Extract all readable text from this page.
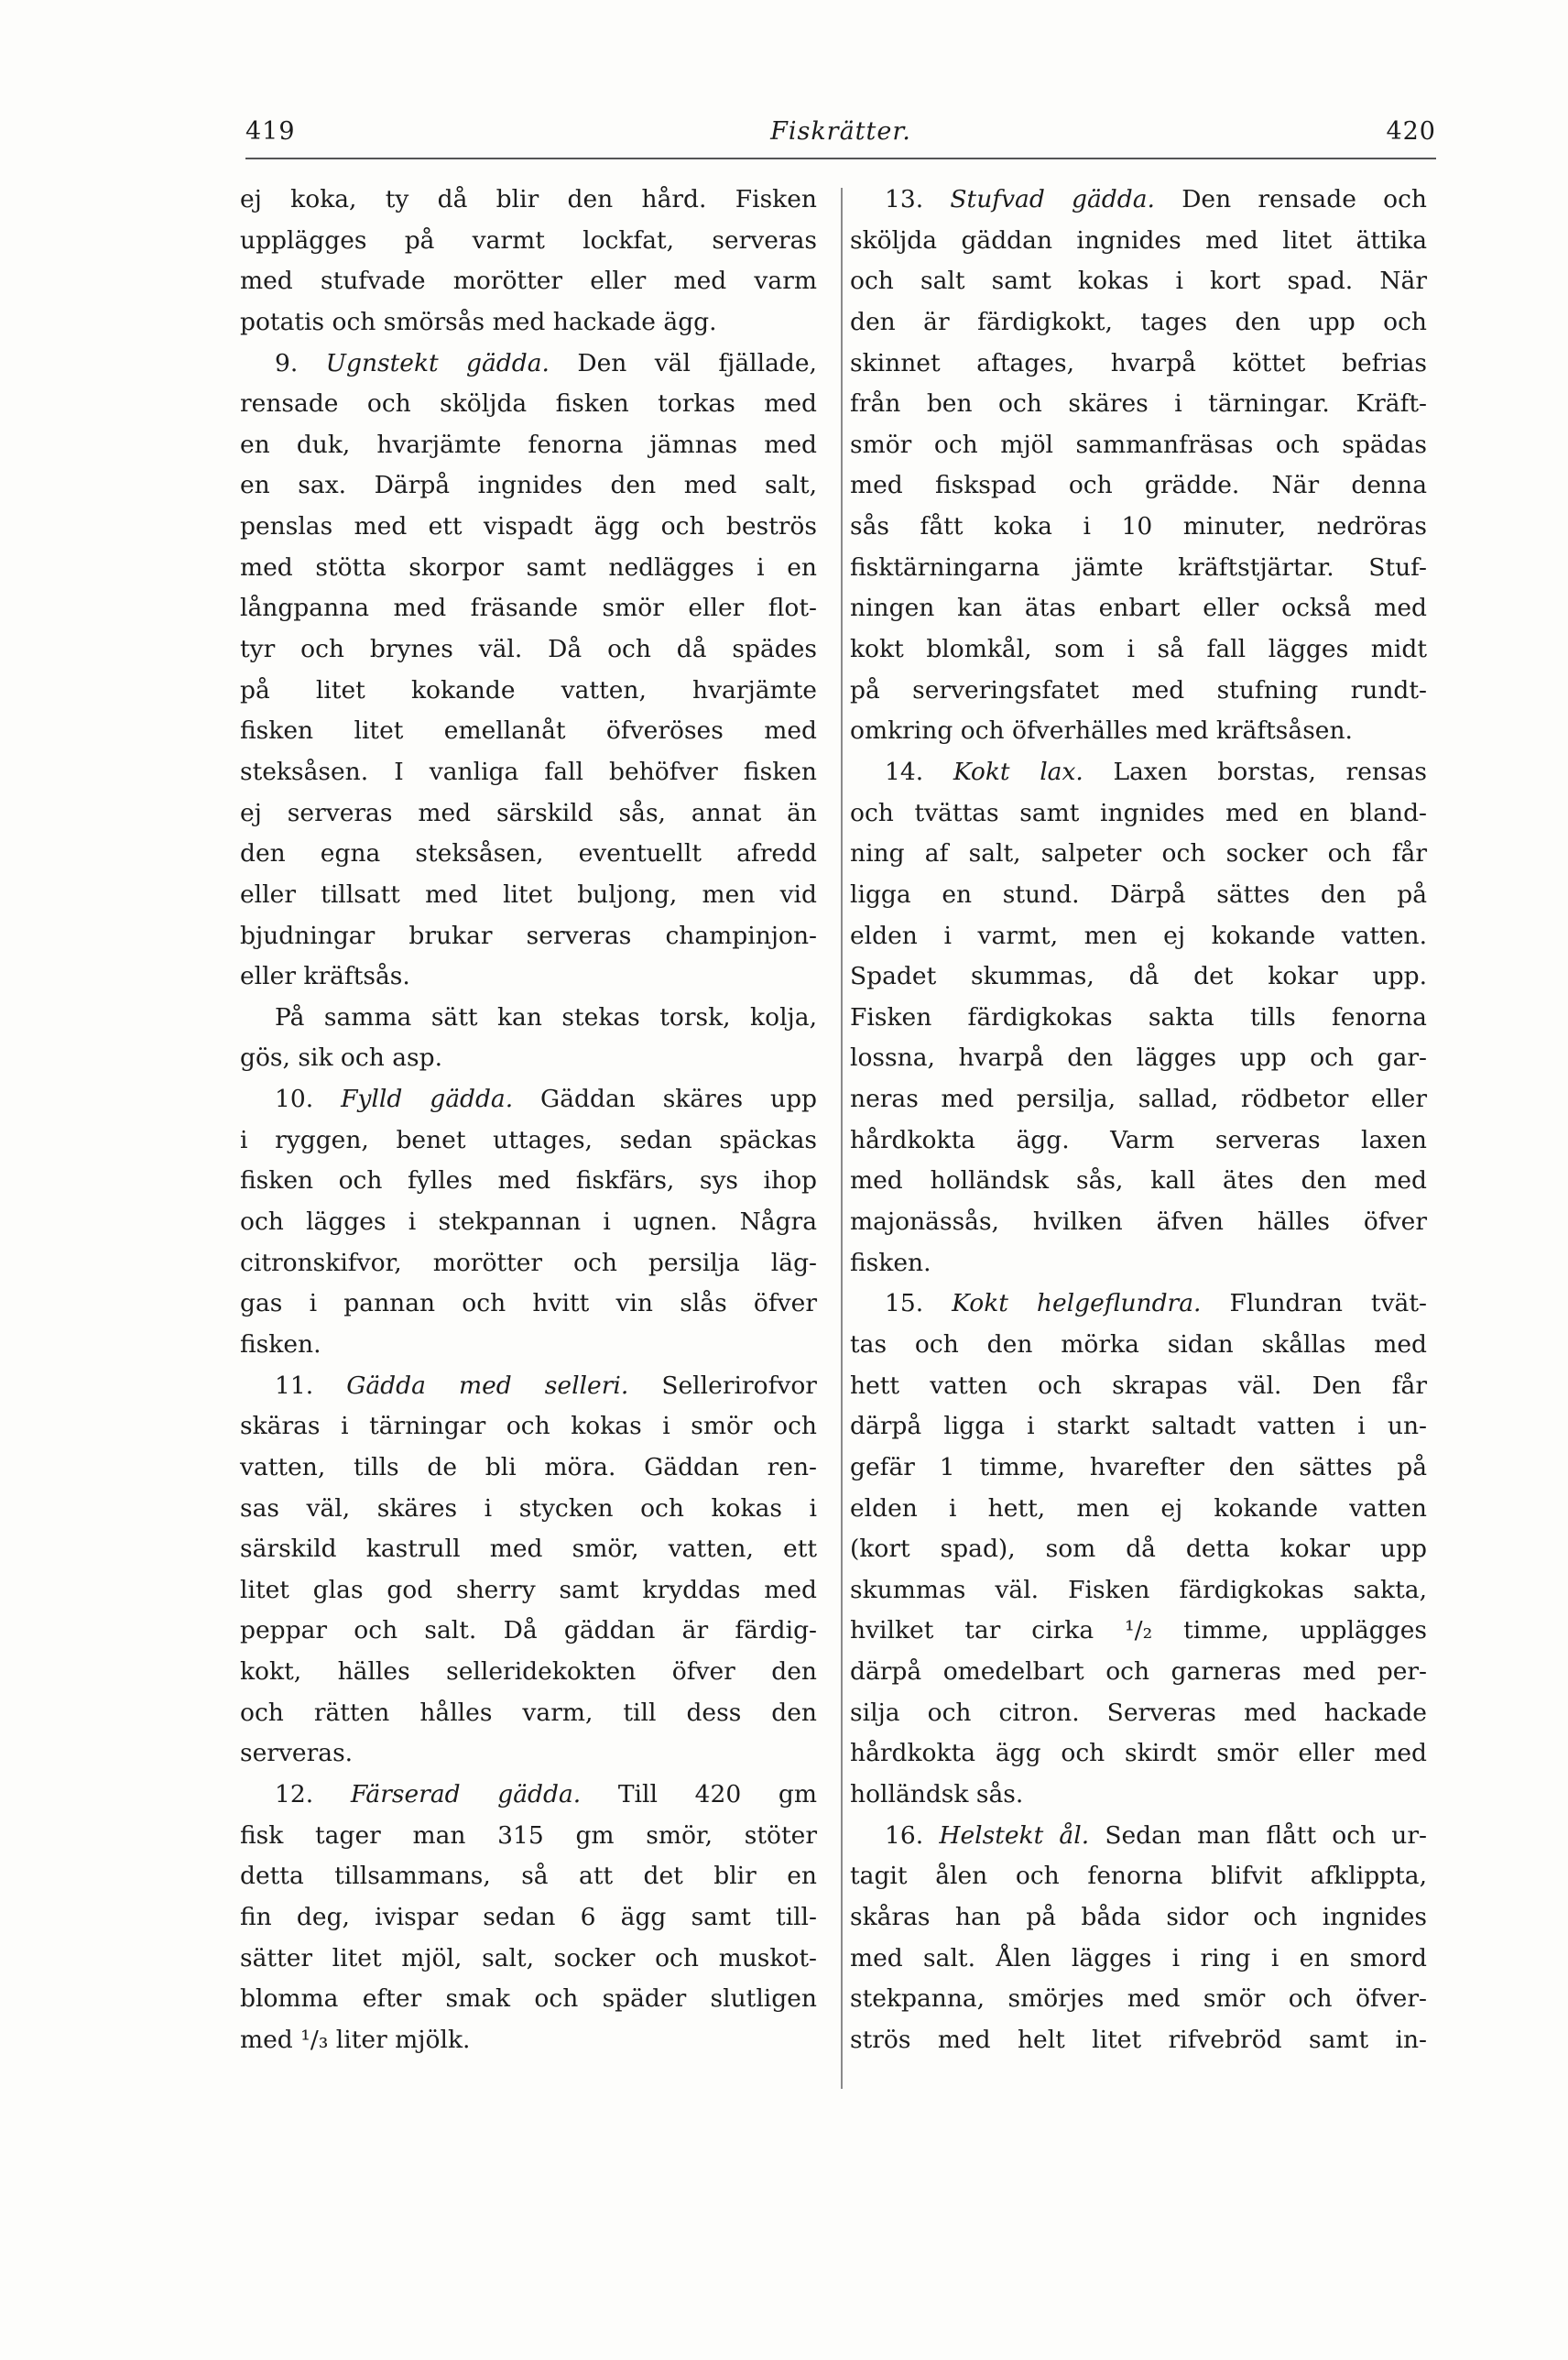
419	Fiskrätter.	420
ej koka, ty då blir den hård. Fisken
upplägges på varmt lockfat, serveras
med stufvade morötter eller med varm
potatis och smörsås med hackade ägg.
9. Ugnstekt gädda. Den väl fjällade,
rensade och sköljda fisken torkas med
en duk, hvarjämte fenorna jämnas med
en sax. Därpå ingnides den med salt,
penslas med ett vispadt ägg och beströs
med stötta skorpor samt nedlägges i en
långpanna med fräsande smör eller flot-
tyr och brynes väl. Då och då spädes
på litet kokande vatten, hvarjämte
fisken litet emellanåt öfveröses med
steksåsen. I vanliga fall behöfver fisken
ej serveras med särskild sås, annat än
den egna steksåsen, eventuellt afredd
eller tillsatt med litet buljong, men vid
bjudningar brukar serveras champinjon-
eller kräftsås.
På samma sätt kan stekas torsk, kolja,
gös, sik och asp.
10. Fylld gädda. Gäddan skäres upp
i ryggen, benet uttages, sedan späckas
fisken och fylles med fiskfärs, sys ihop
och lägges i stekpannan i ugnen. Några
citronskifvor, morötter och persilja läg-
gas i pannan och hvitt vin slås öfver
fisken.
11. Gädda med selleri. Sellerirofvor
skäras i tärningar och kokas i smör och
vatten, tills de bli möra. Gäddan ren-
sas väl, skäres i stycken och kokas i
särskild kastrull med smör, vatten, ett
litet glas god sherry samt kryddas med
peppar och salt. Då gäddan är färdig-
kokt, hälles selleridekokten öfver den
och rätten hålles varm, till dess den
serveras.
12. Färserad gädda. Till 420 gm
fisk tager man 315 gm smör, stöter
detta tillsammans, så att det blir en
fin deg, ivispar sedan 6 ägg samt till-
sätter litet mjöl, salt, socker och muskot-
blomma efter smak och späder slutligen
med ¹/₃ liter mjölk.
13. Stufvad gädda. Den rensade och
sköljda gäddan ingnides med litet ättika
och salt samt kokas i kort spad. När
den är färdigkokt, tages den upp och
skinnet aftages, hvarpå köttet befrias
från ben och skäres i tärningar. Kräft-
smör och mjöl sammanfräsas och spädas
med fiskspad och grädde. När denna
sås fått koka i 10 minuter, nedröras
fisktärningarna jämte kräftstjärtar. Stuf-
ningen kan ätas enbart eller också med
kokt blomkål, som i så fall lägges midt
på serveringsfatet med stufning rundt-
omkring och öfverhälles med kräftsåsen.
14. Kokt lax. Laxen borstas, rensas
och tvättas samt ingnides med en bland-
ning af salt, salpeter och socker och får
ligga en stund. Därpå sättes den på
elden i varmt, men ej kokande vatten.
Spadet skummas, då det kokar upp.
Fisken färdigkokas sakta tills fenorna
lossna, hvarpå den lägges upp och gar-
neras med persilja, sallad, rödbetor eller
hårdkokta ägg. Varm serveras laxen
med holländsk sås, kall ätes den med
majonässås, hvilken äfven hälles öfver
fisken.
15. Kokt helgeflundra. Flundran tvät-
tas och den mörka sidan skållas med
hett vatten och skrapas väl. Den får
därpå ligga i starkt saltadt vatten i un-
gefär 1 timme, hvarefter den sättes på
elden i hett, men ej kokande vatten
(kort spad), som då detta kokar upp
skummas väl. Fisken färdigkokas sakta,
hvilket tar cirka ¹/₂ timme, upplägges
därpå omedelbart och garneras med per-
silja och citron. Serveras med hackade
hårdkokta ägg och skirdt smör eller med
holländsk sås.
16. Helstekt ål. Sedan man flått och ur-
tagit ålen och fenorna blifvit afklippta,
skåras han på båda sidor och ingnides
med salt. Ålen lägges i ring i en smord
stekpanna, smörjes med smör och öfver-
strös med helt litet rifvebröd samt in-
